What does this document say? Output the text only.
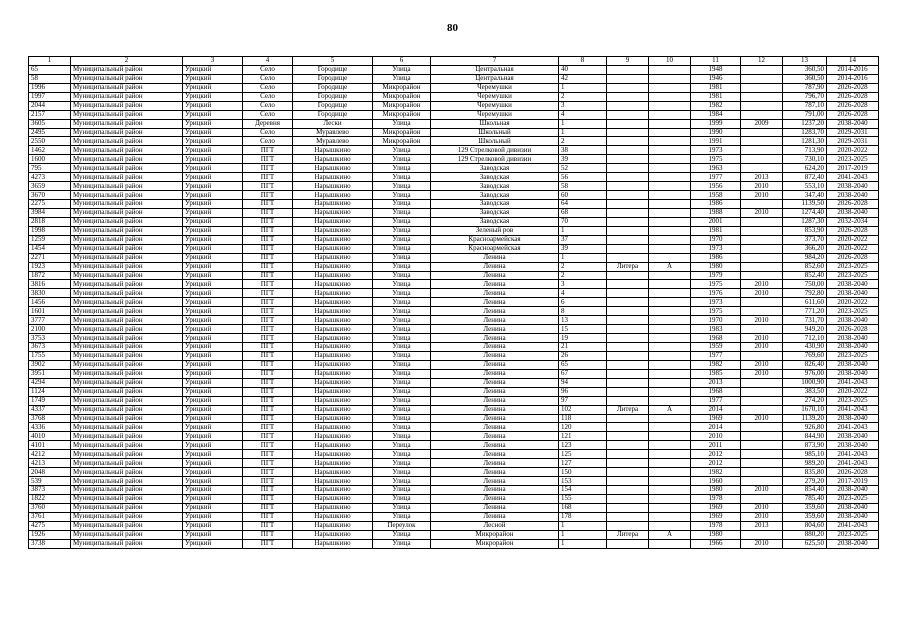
80
1	2	3	4	5	6	7	8	9	10	11	12	13	14
65	Муниципальный район	Урицкий	Село	Городище	Улица	Центральная	40			1948		360,50	2014-2016
58	Муниципальный район	Урицкий	Село	Городище	Улица	Центральная	42			1946		360,50	2014-2016
1996	Муниципальный район	Урицкий	Село	Городище	Микрорайон	Черемушки	1			1981		787,90	2026-2028
1997	Муниципальный район	Урицкий	Село	Городище	Микрорайон	Черемушки	2			1981		796,70	2026-2028
2044	Муниципальный район	Урицкий	Село	Городище	Микрорайон	Черемушки	3			1982		787,10	2026-2028
2157	Муниципальный район	Урицкий	Село	Городище	Микрорайон	Черемушки	4			1984		791,00	2026-2028
3605	Муниципальный район	Урицкий	Деревня	Лески	Улица	Школьная	1			1999	2009	1237,20	2038-2040
2495	Муниципальный район	Урицкий	Село	Муравлево	Микрорайон	Школьный	1			1990		1283,70	2029-2031
2550	Муниципальный район	Урицкий	Село	Муравлево	Микрорайон	Школьный	2			1991		1281,30	2029-2031
1462	Муниципальный район	Урицкий	ПГТ	Нарышкино	Улица	129 Стрелковой дивизии	38			1973		713,90	2020-2022
1600	Муниципальный район	Урицкий	ПГТ	Нарышкино	Улица	129 Стрелковой дивизии	39			1975		730,10	2023-2025
795	Муниципальный район	Урицкий	ПГТ	Нарышкино	Улица	Заводская	52			1963		624,20	2017-2019
4273	Муниципальный район	Урицкий	ПГТ	Нарышкино	Улица	Заводская	56			1977	2013	872,40	2041-2043
3659	Муниципальный район	Урицкий	ПГТ	Нарышкино	Улица	Заводская	58			1956	2010	553,10	2038-2040
3670	Муниципальный район	Урицкий	ПГТ	Нарышкино	Улица	Заводская	60			1958	2010	347,40	2038-2040
2275	Муниципальный район	Урицкий	ПГТ	Нарышкино	Улица	Заводская	64			1986		1139,50	2026-2028
3984	Муниципальный район	Урицкий	ПГТ	Нарышкино	Улица	Заводская	68			1988	2010	1274,40	2038-2040
2818	Муниципальный район	Урицкий	ПГТ	Нарышкино	Улица	Заводская	70			2001		1287,30	2032-2034
1998	Муниципальный район	Урицкий	ПГТ	Нарышкино	Улица	Зеленый ров	1			1981		853,90	2026-2028
1259	Муниципальный район	Урицкий	ПГТ	Нарышкино	Улица	Красноармейская	37			1970		373,70	2020-2022
1454	Муниципальный район	Урицкий	ПГТ	Нарышкино	Улица	Красноармейская	39			1973		366,20	2020-2022
2271	Муниципальный район	Урицкий	ПГТ	Нарышкино	Улица	Ленина	1			1986		984,20	2026-2028
1923	Муниципальный район	Урицкий	ПГТ	Нарышкино	Улица	Ленина	2	Литера	А	1980		852,60	2023-2025
1872	Муниципальный район	Урицкий	ПГТ	Нарышкино	Улица	Ленина	2			1979		852,40	2023-2025
3816	Муниципальный район	Урицкий	ПГТ	Нарышкино	Улица	Ленина	3			1975	2010	750,00	2038-2040
3830	Муниципальный район	Урицкий	ПГТ	Нарышкино	Улица	Ленина	4			1976	2010	792,80	2038-2040
1456	Муниципальный район	Урицкий	ПГТ	Нарышкино	Улица	Ленина	6			1973		611,60	2020-2022
1601	Муниципальный район	Урицкий	ПГТ	Нарышкино	Улица	Ленина	8			1975		771,20	2023-2025
3777	Муниципальный район	Урицкий	ПГТ	Нарышкино	Улица	Ленина	13			1970	2010	731,70	2038-2040
2100	Муниципальный район	Урицкий	ПГТ	Нарышкино	Улица	Ленина	15			1983		949,20	2026-2028
3753	Муниципальный район	Урицкий	ПГТ	Нарышкино	Улица	Ленина	19			1968	2010	712,10	2038-2040
3673	Муниципальный район	Урицкий	ПГТ	Нарышкино	Улица	Ленина	21			1959	2010	430,90	2038-2040
1755	Муниципальный район	Урицкий	ПГТ	Нарышкино	Улица	Ленина	26			1977		769,60	2023-2025
3902	Муниципальный район	Урицкий	ПГТ	Нарышкино	Улица	Ленина	65			1982	2010	826,40	2038-2040
3951	Муниципальный район	Урицкий	ПГТ	Нарышкино	Улица	Ленина	67			1985	2010	976,00	2038-2040
4294	Муниципальный район	Урицкий	ПГТ	Нарышкино	Улица	Ленина	94			2013		1000,90	2041-2043
1124	Муниципальный район	Урицкий	ПГТ	Нарышкино	Улица	Ленина	96			1968		383,50	2020-2022
1749	Муниципальный район	Урицкий	ПГТ	Нарышкино	Улица	Ленина	97			1977		274,20	2023-2025
4337	Муниципальный район	Урицкий	ПГТ	Нарышкино	Улица	Ленина	102	Литера	А	2014		1670,10	2041-2043
3768	Муниципальный район	Урицкий	ПГТ	Нарышкино	Улица	Ленина	118			1969	2010	1139,20	2038-2040
4336	Муниципальный район	Урицкий	ПГТ	Нарышкино	Улица	Ленина	120			2014		926,80	2041-2043
4010	Муниципальный район	Урицкий	ПГТ	Нарышкино	Улица	Ленина	121			2010		844,90	2038-2040
4101	Муниципальный район	Урицкий	ПГТ	Нарышкино	Улица	Ленина	123			2011		873,90	2038-2040
4212	Муниципальный район	Урицкий	ПГТ	Нарышкино	Улица	Ленина	125			2012		985,10	2041-2043
4213	Муниципальный район	Урицкий	ПГТ	Нарышкино	Улица	Ленина	127			2012		989,20	2041-2043
2048	Муниципальный район	Урицкий	ПГТ	Нарышкино	Улица	Ленина	150			1982		835,80	2026-2028
539	Муниципальный район	Урицкий	ПГТ	Нарышкино	Улица	Ленина	153			1960		279,20	2017-2019
3873	Муниципальный район	Урицкий	ПГТ	Нарышкино	Улица	Ленина	154			1980	2010	854,40	2038-2040
1822	Муниципальный район	Урицкий	ПГТ	Нарышкино	Улица	Ленина	155			1978		785,40	2023-2025
3760	Муниципальный район	Урицкий	ПГТ	Нарышкино	Улица	Ленина	168			1969	2010	359,60	2038-2040
3761	Муниципальный район	Урицкий	ПГТ	Нарышкино	Улица	Ленина	178			1969	2010	359,60	2038-2040
4275	Муниципальный район	Урицкий	ПГТ	Нарышкино	Переулок	Лесной	1			1978	2013	804,60	2041-2043
1926	Муниципальный район	Урицкий	ПГТ	Нарышкино	Улица	Микрорайон	1	Литера	А	1980		880,20	2023-2025
3738	Муниципальный район	Урицкий	ПГТ	Нарышкино	Улица	Микрорайон	1			1966	2010	625,50	2038-2040
